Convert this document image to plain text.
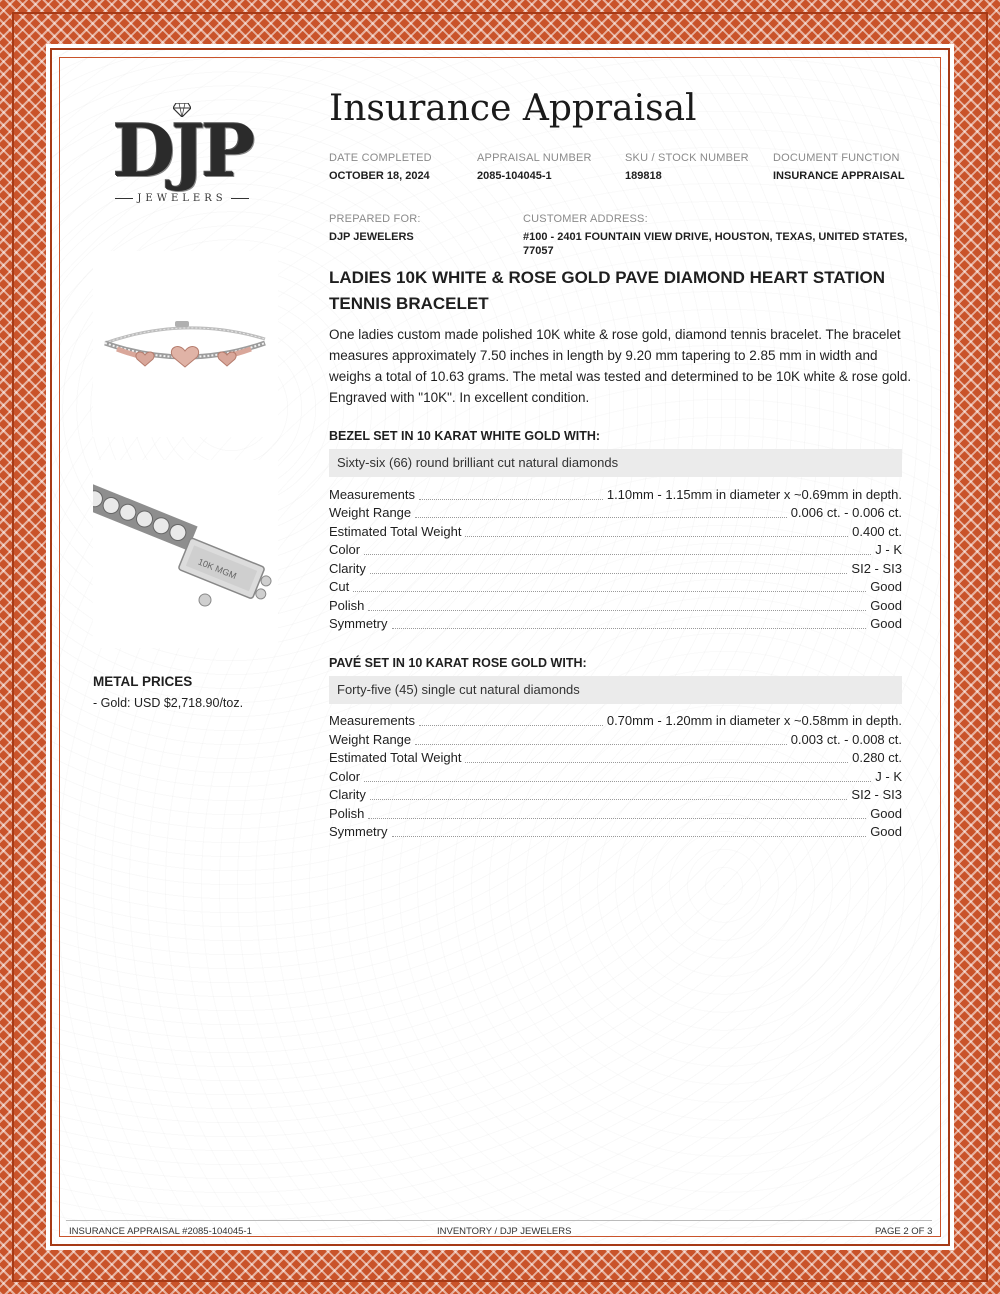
DJP
JEWELERS
Insurance Appraisal
DATE COMPLETED
OCTOBER 18, 2024
APPRAISAL NUMBER
2085-104045-1
SKU / STOCK NUMBER
189818
DOCUMENT FUNCTION
INSURANCE APPRAISAL
PREPARED FOR:
DJP JEWELERS
CUSTOMER ADDRESS:
#100 - 2401 FOUNTAIN VIEW DRIVE, HOUSTON, TEXAS, UNITED STATES,
77057
LADIES 10K WHITE & ROSE GOLD PAVE DIAMOND HEART STATION TENNIS BRACELET
One ladies custom made polished 10K white & rose gold, diamond tennis bracelet. The bracelet measures approximately 7.50 inches in length by 9.20 mm tapering to 2.85 mm in width and weighs a total of 10.63 grams. The metal was tested and determined to be 10K white & rose gold. Engraved with "10K". In excellent condition.
BEZEL SET IN 10 KARAT WHITE GOLD WITH:
Sixty-six (66) round brilliant cut natural diamonds
Measurements	1.10mm - 1.15mm in diameter x ~0.69mm in depth.
Weight Range	0.006 ct. - 0.006 ct.
Estimated Total Weight	0.400 ct.
Color	J - K
Clarity	SI2 - SI3
Cut	Good
Polish	Good
Symmetry	Good
PAVÉ SET IN 10 KARAT ROSE GOLD WITH:
Forty-five (45) single cut natural diamonds
Measurements	0.70mm - 1.20mm in diameter x ~0.58mm in depth.
Weight Range	0.003 ct. - 0.008 ct.
Estimated Total Weight	0.280 ct.
Color	J - K
Clarity	SI2 - SI3
Polish	Good
Symmetry	Good
10K MGM
METAL PRICES
- Gold: USD $2,718.90/toz.
INSURANCE APPRAISAL #2085-104045-1	INVENTORY / DJP JEWELERS	PAGE 2 OF 3
